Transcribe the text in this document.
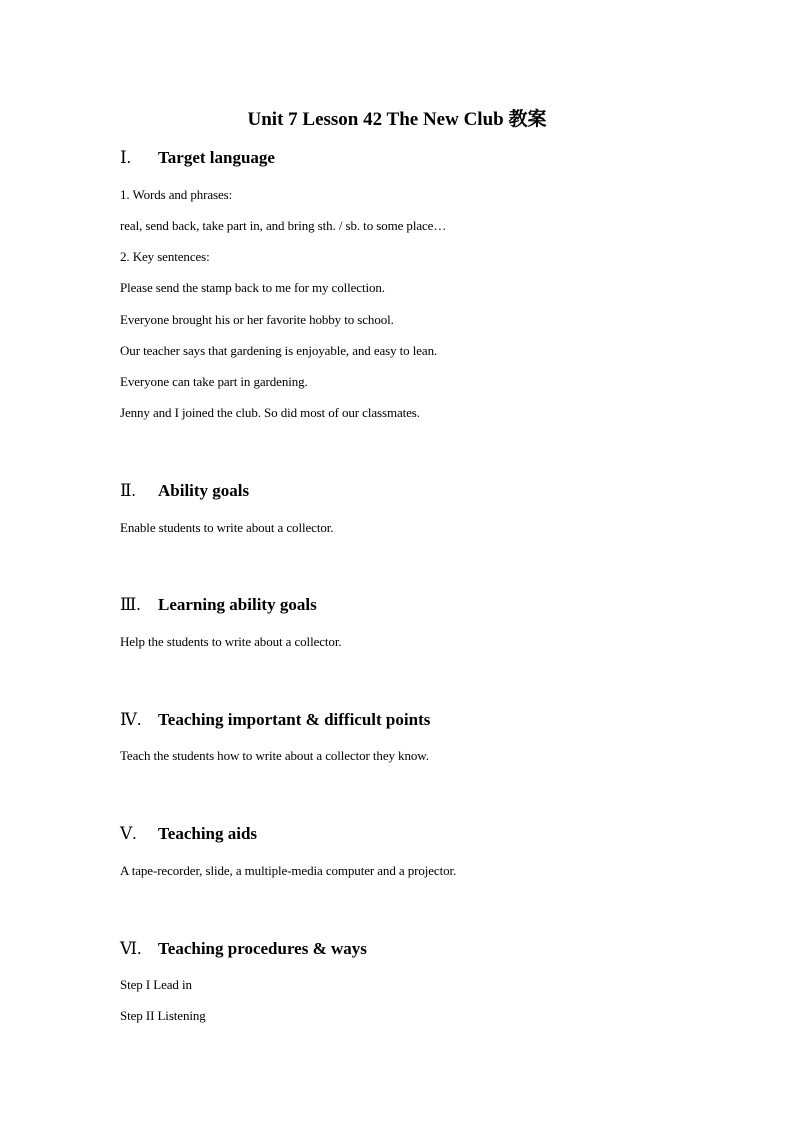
Unit 7 Lesson 42 The New Club 教案
Ⅰ. Target language
1. Words and phrases:
real, send back, take part in, and bring sth. / sb. to some place…
2. Key sentences:
Please send the stamp back to me for my collection.
Everyone brought his or her favorite hobby to school.
Our teacher says that gardening is enjoyable, and easy to lean.
Everyone can take part in gardening.
Jenny and I joined the club. So did most of our classmates.
Ⅱ. Ability goals
Enable students to write about a collector.
Ⅲ. Learning ability goals
Help the students to write about a collector.
Ⅳ. Teaching important & difficult points
Teach the students how to write about a collector they know.
Ⅴ. Teaching aids
A tape-recorder, slide, a multiple-media computer and a projector.
Ⅵ. Teaching procedures & ways
Step I Lead in
Step II Listening
